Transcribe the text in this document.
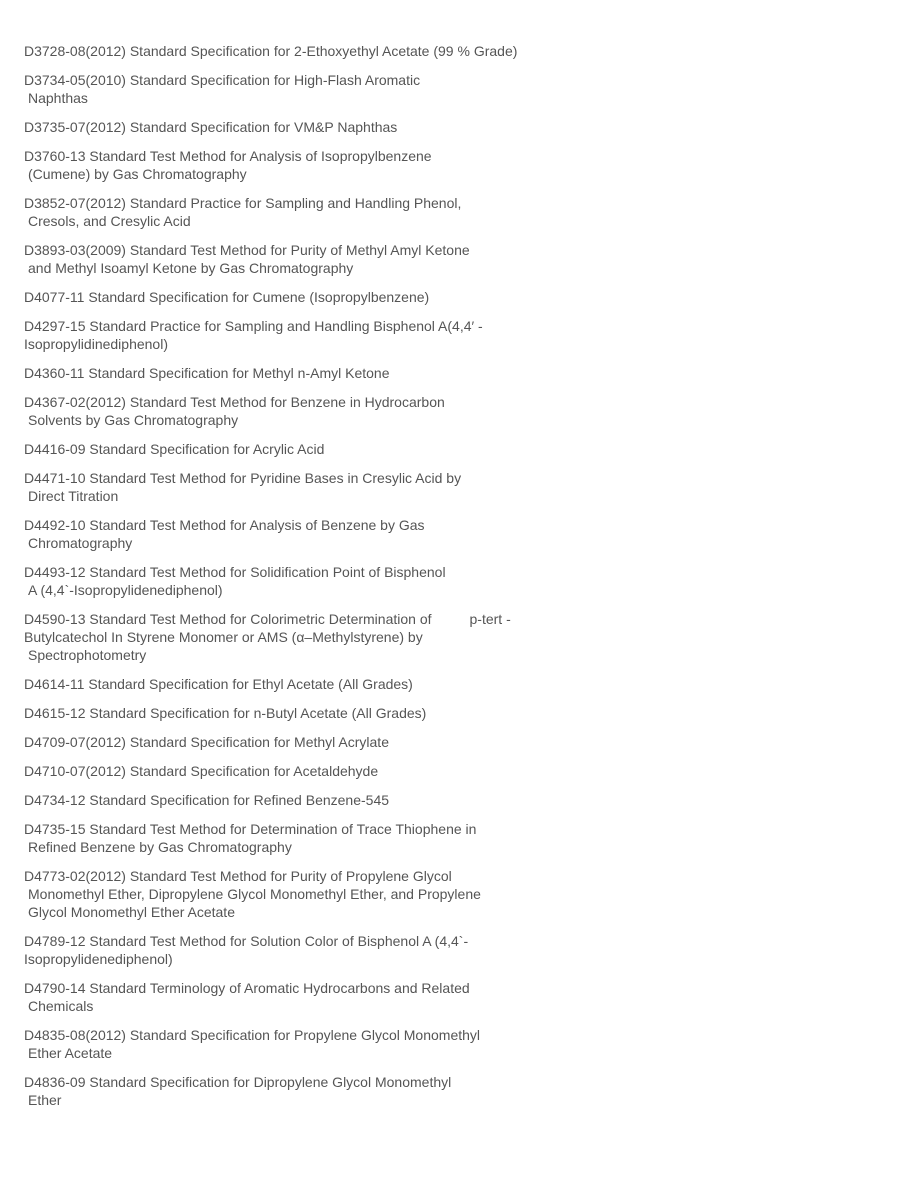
D3728-08(2012) Standard Specification for 2-Ethoxyethyl Acetate (99 % Grade)
D3734-05(2010) Standard Specification for High-Flash Aromatic
Naphthas
D3735-07(2012) Standard Specification for VM&P Naphthas
D3760-13 Standard Test Method for Analysis of Isopropylbenzene
(Cumene) by Gas Chromatography
D3852-07(2012) Standard Practice for Sampling and Handling Phenol,
Cresols, and Cresylic Acid
D3893-03(2009) Standard Test Method for Purity of Methyl Amyl Ketone
and Methyl Isoamyl Ketone by Gas Chromatography
D4077-11 Standard Specification for Cumene (Isopropylbenzene)
D4297-15 Standard Practice for Sampling and Handling Bisphenol A(4,4′ -
Isopropylidinediphenol)
D4360-11 Standard Specification for Methyl n-Amyl Ketone
D4367-02(2012) Standard Test Method for Benzene in Hydrocarbon
Solvents by Gas Chromatography
D4416-09 Standard Specification for Acrylic Acid
D4471-10 Standard Test Method for Pyridine Bases in Cresylic Acid by
Direct Titration
D4492-10 Standard Test Method for Analysis of Benzene by Gas
Chromatography
D4493-12 Standard Test Method for Solidification Point of Bisphenol
A (4,4`-Isopropylidenediphenol)
D4590-13 Standard Test Method for Colorimetric Determination of	p-tert -
Butylcatechol In Styrene Monomer or AMS (α–Methylstyrene) by
Spectrophotometry
D4614-11 Standard Specification for Ethyl Acetate (All Grades)
D4615-12 Standard Specification for n-Butyl Acetate (All Grades)
D4709-07(2012) Standard Specification for Methyl Acrylate
D4710-07(2012) Standard Specification for Acetaldehyde
D4734-12 Standard Specification for Refined Benzene-545
D4735-15 Standard Test Method for Determination of Trace Thiophene in
Refined Benzene by Gas Chromatography
D4773-02(2012) Standard Test Method for Purity of Propylene Glycol
Monomethyl Ether, Dipropylene Glycol Monomethyl Ether, and Propylene
Glycol Monomethyl Ether Acetate
D4789-12 Standard Test Method for Solution Color of Bisphenol A (4,4`-
Isopropylidenediphenol)
D4790-14 Standard Terminology of Aromatic Hydrocarbons and Related
Chemicals
D4835-08(2012) Standard Specification for Propylene Glycol Monomethyl
Ether Acetate
D4836-09 Standard Specification for Dipropylene Glycol Monomethyl
Ether
